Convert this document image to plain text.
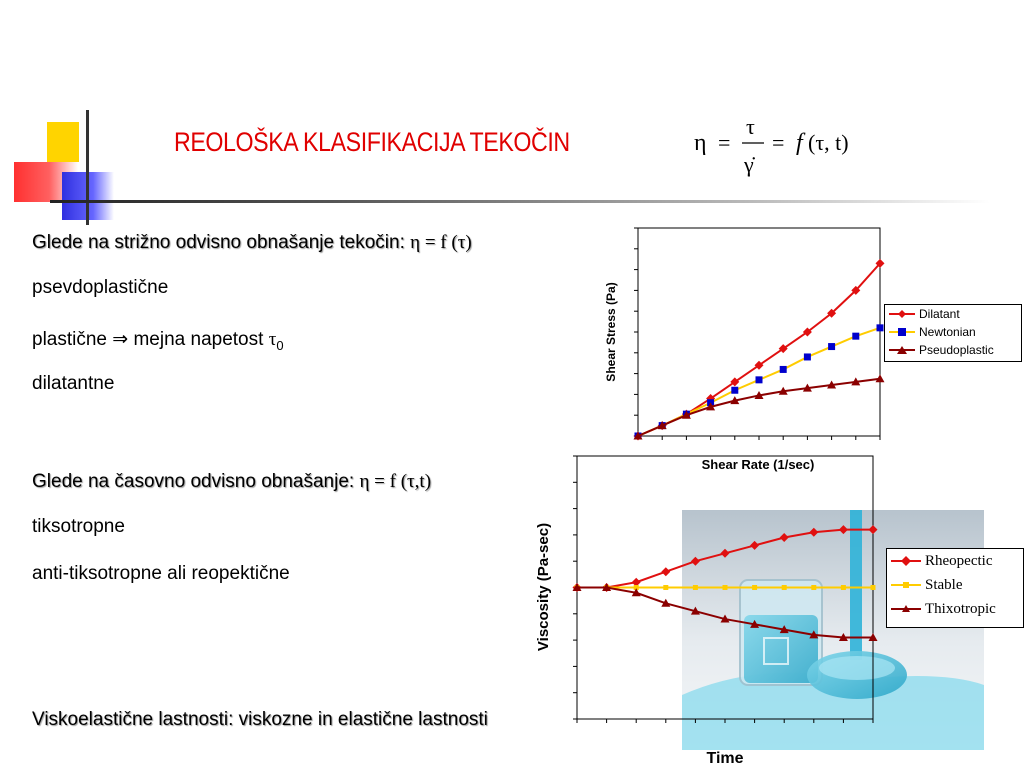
REOLOŠKA KLASIFIKACIJA TEKOČIN	η =
τ
γ̇
= f (τ, t)
Glede na strižno odvisno obnašanje tekočin: η = f (τ)
psevdoplastične
plastične ⇒ mejna napetost $\tau_0$
dilatantne
Shear Stress (Pa)
Shear Rate (1/sec)
Dilatant
Newtonian
Pseudoplastic
Glede na časovno odvisno obnašanje: η = f (τ,t)
tiksotropne
anti-tiksotropne ali reopektične	Viscosity (Pa-sec)
Time
Rheopectic
Stable
Thixotropic
Viskoelastične lastnosti: viskozne in elastične lastnosti
